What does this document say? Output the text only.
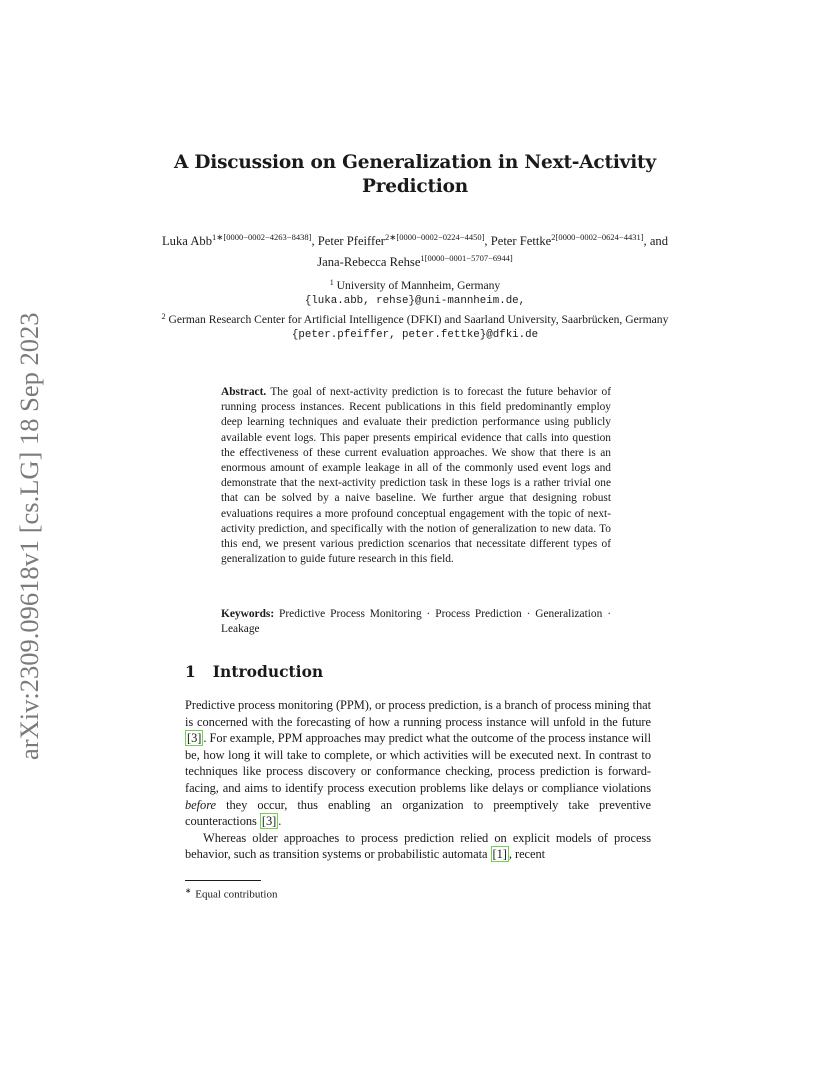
arXiv:2309.09618v1 [cs.LG] 18 Sep 2023
A Discussion on Generalization in Next-Activity Prediction
Luka Abb$^{1∗[0000-0002-4263-8438]}$, Peter Pfeiffer$^{2∗[0000-0002-0224-4450]}$, Peter Fettke$^{2[0000-0002-0624-4431]}$, and Jana-Rebecca Rehse$^{1[0000-0001-5707-6944]}$
$^1$ University of Mannheim, Germany
{luka.abb, rehse}@uni-mannheim.de,
$^2$ German Research Center for Artificial Intelligence (DFKI) and Saarland University, Saarbrücken, Germany
{peter.pfeiffer, peter.fettke}@dfki.de
Abstract. The goal of next-activity prediction is to forecast the future behavior of running process instances. Recent publications in this field predominantly employ deep learning techniques and evaluate their prediction performance using publicly available event logs. This paper presents empirical evidence that calls into question the effectiveness of these current evaluation approaches. We show that there is an enormous amount of example leakage in all of the commonly used event logs and demonstrate that the next-activity prediction task in these logs is a rather trivial one that can be solved by a naive baseline. We further argue that designing robust evaluations requires a more profound conceptual engagement with the topic of next-activity prediction, and specifically with the notion of generalization to new data. To this end, we present various prediction scenarios that necessitate different types of generalization to guide future research in this field.
Keywords: Predictive Process Monitoring · Process Prediction · Generalization · Leakage
1 Introduction

Predictive process monitoring (PPM), or process prediction, is a branch of process mining that is concerned with the forecasting of how a running process instance will unfold in the future [3] . For example, PPM approaches may predict what the outcome of the process instance will be, how long it will take to complete, or which activities will be executed next. In contrast to techniques like process discovery or conformance checking, process prediction is forward-facing, and aims to identify process execution problems like delays or compliance violations before they occur, thus enabling an organization to preemptively take preventive counteractions [3] .

Whereas older approaches to process prediction relied on explicit models of process behavior, such as transition systems or probabilistic automata [1] , recent

∗ Equal contribution
